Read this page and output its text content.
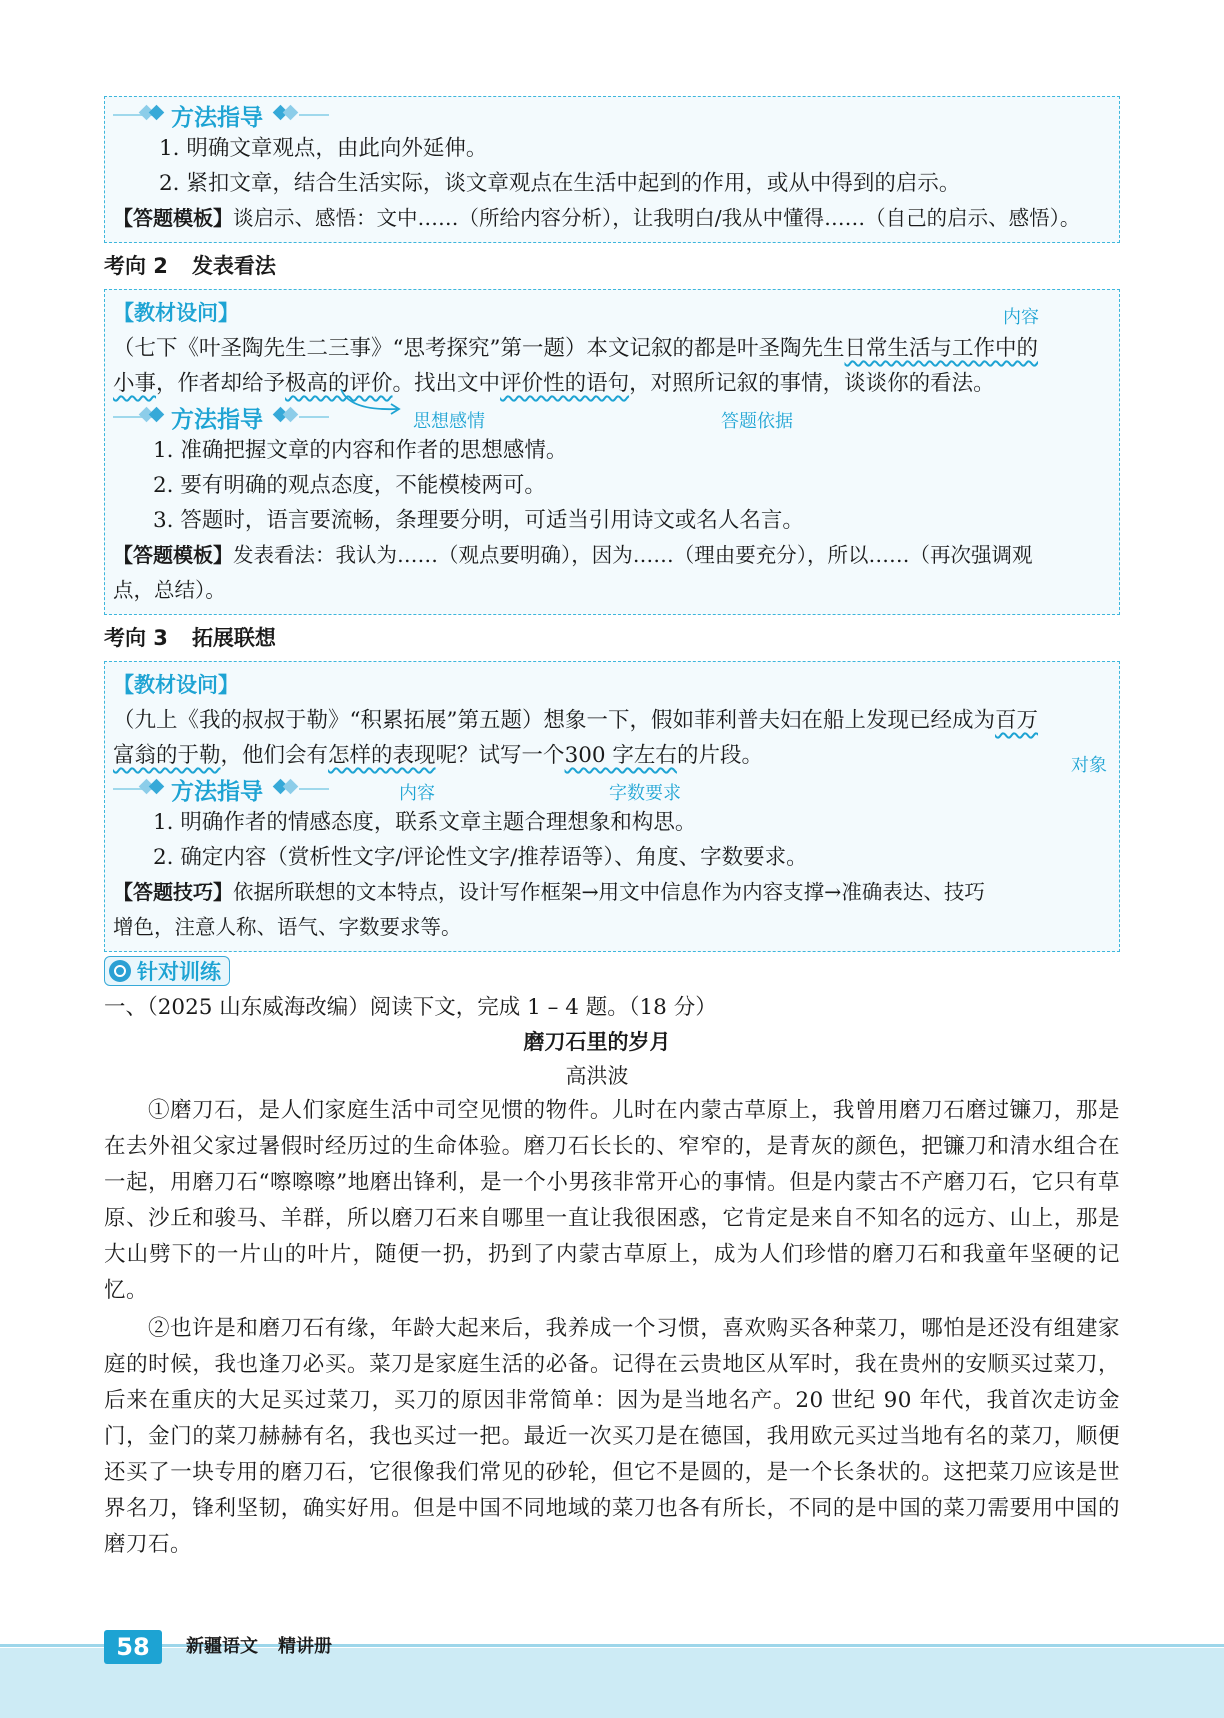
方法指导
1. 明确文章观点，由此向外延伸。
2. 紧扣文章，结合生活实际，谈文章观点在生活中起到的作用，或从中得到的启示。
【答题模板】谈启示、感悟：文中……（所给内容分析），让我明白/我从中懂得……（自己的启示、感悟）。
考向 2 发表看法
【教材设问】	内容
（七下《叶圣陶先生二三事》“思考探究”第一题）本文记叙的都是叶圣陶先生日常生活与工作中的
小事，作者却给予极高的评价。找出文中评价性的语句，对照所记叙的事情，谈谈你的看法。
方法指导	思想感情	答题依据
1. 准确把握文章的内容和作者的思想感情。
2. 要有明确的观点态度，不能模棱两可。
3. 答题时，语言要流畅，条理要分明，可适当引用诗文或名人名言。
【答题模板】发表看法：我认为……（观点要明确），因为……（理由要充分），所以……（再次强调观
点，总结）。
考向 3 拓展联想
【教材设问】
（九上《我的叔叔于勒》“积累拓展”第五题）想象一下，假如菲利普夫妇在船上发现已经成为百万
富翁的于勒，他们会有怎样的表现呢？试写一个300 字左右的片段。	对象
方法指导	内容	字数要求
1. 明确作者的情感态度，联系文章主题合理想象和构思。
2. 确定内容（赏析性文字/评论性文字/推荐语等）、角度、字数要求。
【答题技巧】依据所联想的文本特点，设计写作框架→用文中信息作为内容支撑→准确表达、技巧
增色，注意人称、语气、字数要求等。
针对训练
一、（2025 山东威海改编）阅读下文，完成 1 – 4 题。（18 分）
磨刀石里的岁月
高洪波
①磨刀石，是人们家庭生活中司空见惯的物件。儿时在内蒙古草原上，我曾用磨刀石磨过镰刀，那是在去外祖父家过暑假时经历过的生命体验。磨刀石长长的、窄窄的，是青灰的颜色，把镰刀和清水组合在一起，用磨刀石“嚓嚓嚓”地磨出锋利，是一个小男孩非常开心的事情。但是内蒙古不产磨刀石，它只有草原、沙丘和骏马、羊群，所以磨刀石来自哪里一直让我很困惑，它肯定是来自不知名的远方、山上，那是大山劈下的一片山的叶片，随便一扔，扔到了内蒙古草原上，成为人们珍惜的磨刀石和我童年坚硬的记忆。
②也许是和磨刀石有缘，年龄大起来后，我养成一个习惯，喜欢购买各种菜刀，哪怕是还没有组建家庭的时候，我也逢刀必买。菜刀是家庭生活的必备。记得在云贵地区从军时，我在贵州的安顺买过菜刀，后来在重庆的大足买过菜刀，买刀的原因非常简单：因为是当地名产。20 世纪 90 年代，我首次走访金门，金门的菜刀赫赫有名，我也买过一把。最近一次买刀是在德国，我用欧元买过当地有名的菜刀，顺便还买了一块专用的磨刀石，它很像我们常见的砂轮，但它不是圆的，是一个长条状的。这把菜刀应该是世界名刀，锋利坚韧，确实好用。但是中国不同地域的菜刀也各有所长，不同的是中国的菜刀需要用中国的磨刀石。
58	新疆语文 精讲册
